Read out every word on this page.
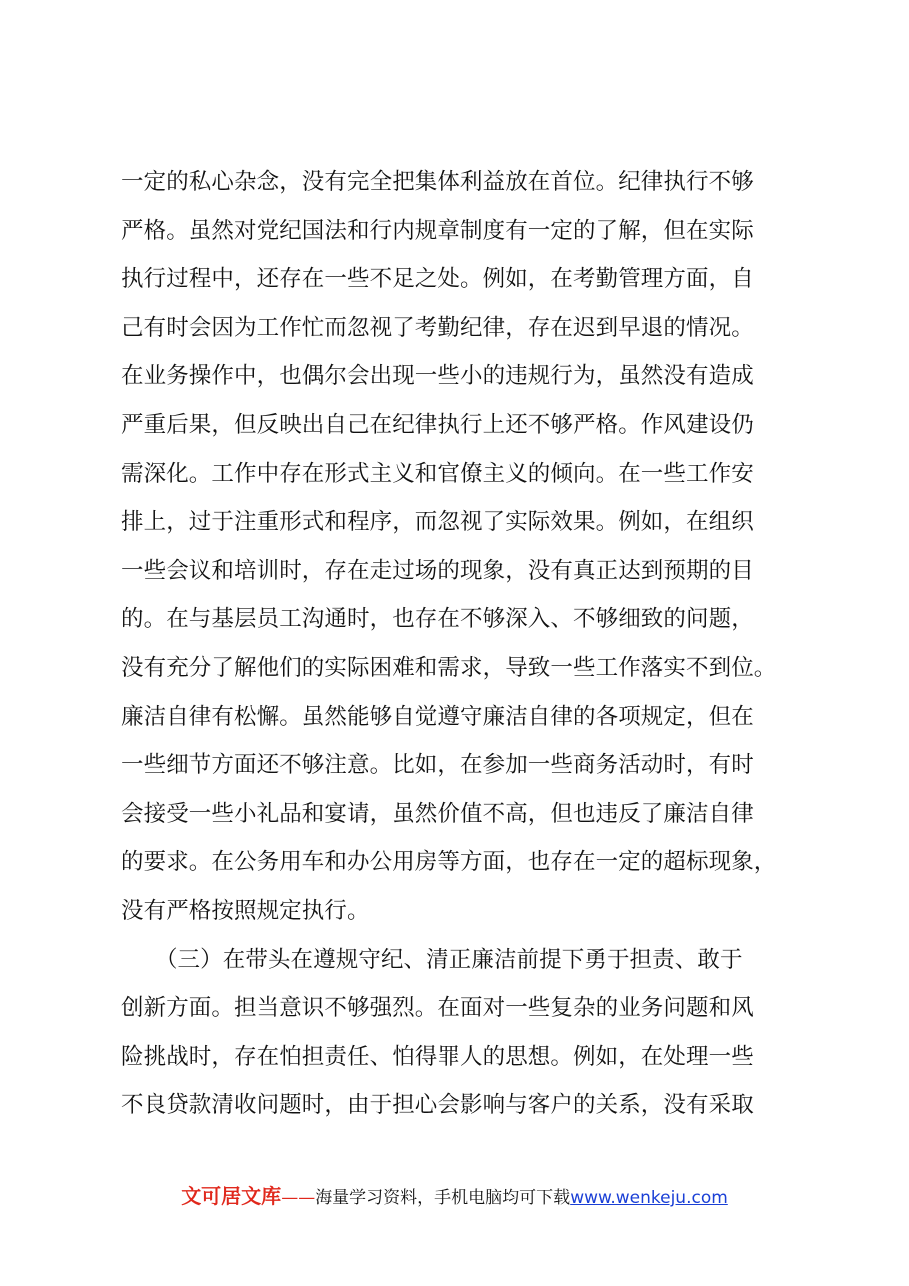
一定的私心杂念，没有完全把集体利益放在首位。纪律执行不够
严格。虽然对党纪国法和行内规章制度有一定的了解，但在实际
执行过程中，还存在一些不足之处。例如，在考勤管理方面，自
己有时会因为工作忙而忽视了考勤纪律，存在迟到早退的情况。
在业务操作中，也偶尔会出现一些小的违规行为，虽然没有造成
严重后果，但反映出自己在纪律执行上还不够严格。作风建设仍
需深化。工作中存在形式主义和官僚主义的倾向。在一些工作安
排上，过于注重形式和程序，而忽视了实际效果。例如，在组织
一些会议和培训时，存在走过场的现象，没有真正达到预期的目
的。在与基层员工沟通时，也存在不够深入、不够细致的问题，
没有充分了解他们的实际困难和需求，导致一些工作落实不到位。
廉洁自律有松懈。虽然能够自觉遵守廉洁自律的各项规定，但在
一些细节方面还不够注意。比如，在参加一些商务活动时，有时
会接受一些小礼品和宴请，虽然价值不高，但也违反了廉洁自律
的要求。在公务用车和办公用房等方面，也存在一定的超标现象，
没有严格按照规定执行。
　　（三）在带头在遵规守纪、清正廉洁前提下勇于担责、敢于
创新方面。担当意识不够强烈。在面对一些复杂的业务问题和风
险挑战时，存在怕担责任、怕得罪人的思想。例如，在处理一些
不良贷款清收问题时，由于担心会影响与客户的关系，没有采取
文可居文库——海量学习资料，手机电脑均可下载www.wenkeju.com
